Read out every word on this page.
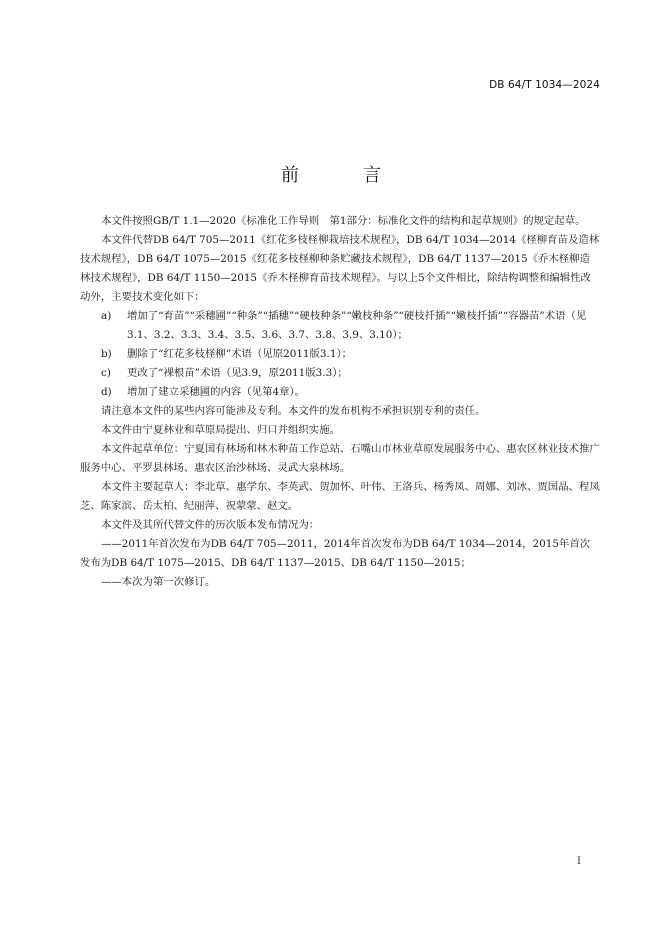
DB 64/T 1034—2024
前　言

本文件按照GB/T 1.1—2020《标准化工作导则　第1部分：标准化文件的结构和起草规则》的规定起草。

本文件代替DB 64/T 705—2011《红花多枝柽柳栽培技术规程》，DB 64/T 1034—2014《柽柳育苗及造林技术规程》，DB 64/T 1075—2015《红花多枝柽柳种条贮藏技术规程》，DB 64/T 1137—2015《乔木柽柳造林技术规程》，DB 64/T 1150—2015《乔木柽柳育苗技术规程》。与以上5个文件相比，除结构调整和编辑性改动外，主要技术变化如下：

a)	增加了“育苗”“采穗圃”“种条”“插穗”“硬枝种条”“嫩枝种条”“硬枝扦插”“嫩枝扦插”“容器苗”术语（见3.1、3.2、3.3、3.4、3.5、3.6、3.7、3.8、3.9、3.10）；
b)	删除了“红花多枝柽柳”术语（见原2011版3.1）；
c)	更改了“裸根苗”术语（见3.9，原2011版3.3）；
d)	增加了建立采穗圃的内容（见第4章）。

请注意本文件的某些内容可能涉及专利。本文件的发布机构不承担识别专利的责任。

本文件由宁夏林业和草原局提出、归口并组织实施。

本文件起草单位：宁夏国有林场和林木种苗工作总站、石嘴山市林业草原发展服务中心、惠农区林业技术推广服务中心、平罗县林场、惠农区治沙林场、灵武大泉林场。

本文件主要起草人：李北草、惠学东、李英武、贺加怀、叶伟、王洛兵、杨秀凤、周娜、刘冰、贾国晶、程凤芝、陈家滨、岳太柏、纪丽萍、祝蒙蒙、赵文。

本文件及其所代替文件的历次版本发布情况为：

——2011年首次发布为DB 64/T 705—2011，2014年首次发布为DB 64/T 1034—2014，2015年首次发布为DB 64/T 1075—2015、DB 64/T 1137—2015、DB 64/T 1150—2015；

——本次为第一次修订。

I
